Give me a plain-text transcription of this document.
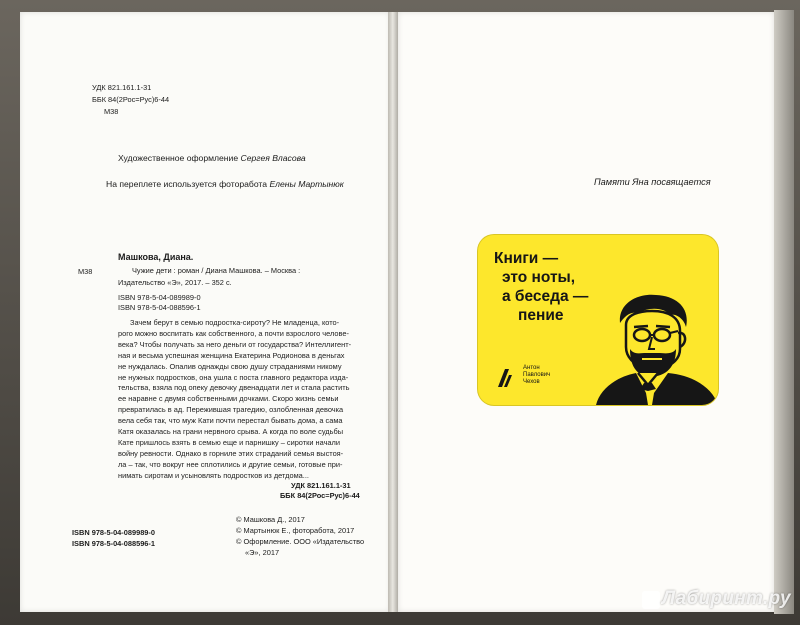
УДК 821.161.1-31
ББК 84(2Рос=Рус)6-44
М38
Художественное оформление Сергея Власова
На переплете используется фоторабота Елены Мартынюк
М38
Машкова, Диана.
Чужие дети : роман / Диана Машкова. – Москва :
Издательство «Э», 2017. – 352 с.
ISBN 978-5-04-089989-0
ISBN 978-5-04-088596-1
Зачем берут в семью подростка-сироту? Не младенца, кото-
рого можно воспитать как собственного, а почти взрослого челове-
века? Чтобы получать за него деньги от государства? Интеллигент-
ная и весьма успешная женщина Екатерина Родионова в деньгах
не нуждалась. Опалив однажды свою душу страданиями никому
не нужных подростков, она ушла с поста главного редактора изда-
тельства, взяла под опеку девочку двенадцати лет и стала растить
ее наравне с двумя собственными дочками. Скоро жизнь семьи
превратилась в ад. Пережившая трагедию, озлобленная девочка
вела себя так, что муж Кати почти перестал бывать дома, а сама
Катя оказалась на грани нервного срыва. А когда по воле судьбы
Кате пришлось взять в семью еще и парнишку – сиротки начали
войну ревности. Однако в горниле этих страданий семья выстоя-
ла – так, что вокруг нее сплотились и другие семьи, готовые при-
нимать сиротам и усыновлять подростков из детдома...
УДК 821.161.1-31
ББК 84(2Рос=Рус)6-44
ISBN 978-5-04-089989-0
ISBN 978-5-04-088596-1
© Машкова Д., 2017
© Мартынюк Е., фоторабота, 2017
© Оформление. ООО «Издательство
«Э», 2017
Памяти Яна посвящается
Книги —
это ноты,
а беседа —
пение
Антон
Павлович
Чехов
Лабиринт.ру
